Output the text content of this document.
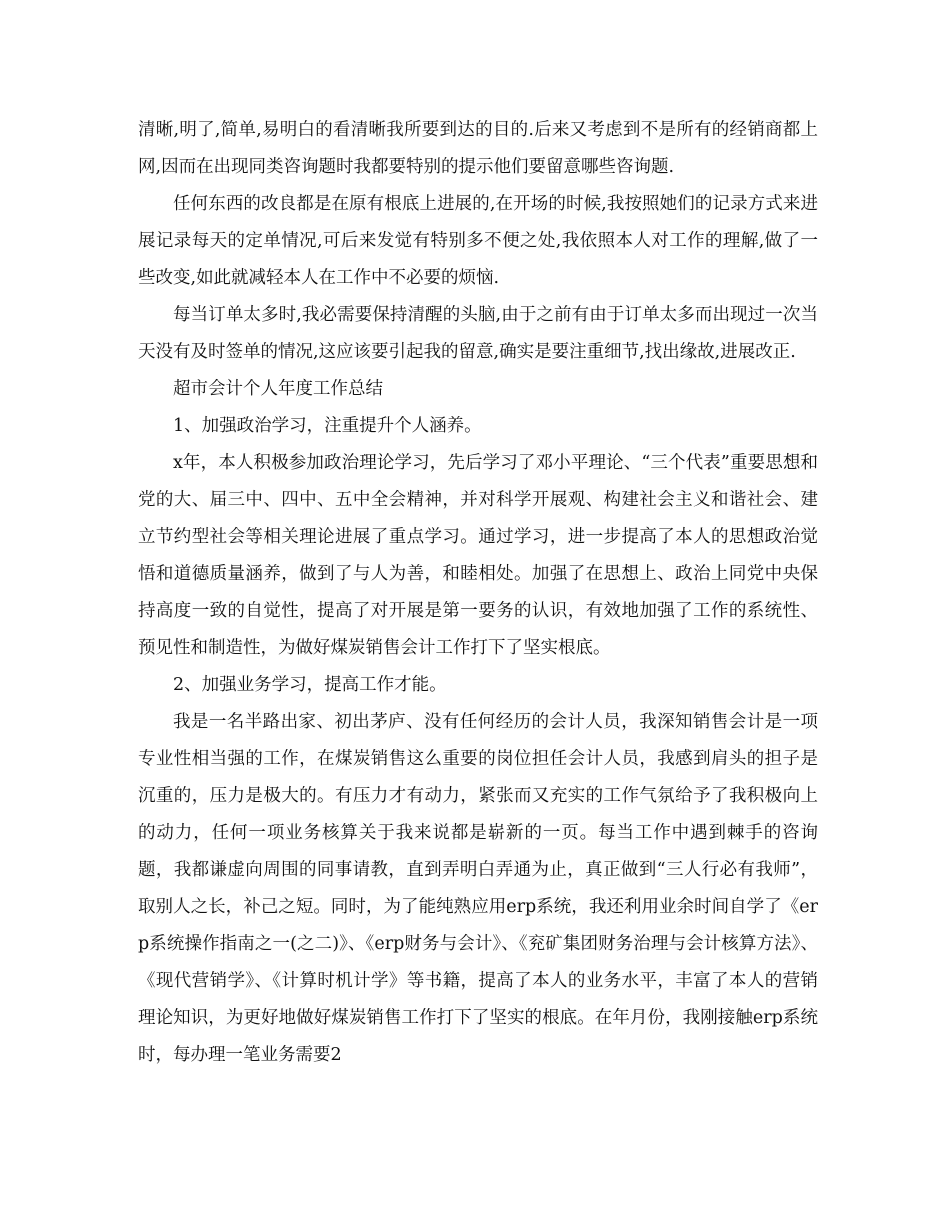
清晰,明了,简单,易明白的看清晰我所要到达的目的.后来又考虑到不是所有的经销商都上网,因而在出现同类咨询题时我都要特别的提示他们要留意哪些咨询题.

任何东西的改良都是在原有根底上进展的,在开场的时候,我按照她们的记录方式来进展记录每天的定单情况,可后来发觉有特别多不便之处,我依照本人对工作的理解,做了一些改变,如此就减轻本人在工作中不必要的烦恼.

每当订单太多时,我必需要保持清醒的头脑,由于之前有由于订单太多而出现过一次当天没有及时签单的情况,这应该要引起我的留意,确实是要注重细节,找出缘故,进展改正.

超市会计个人年度工作总结

1、加强政治学习，注重提升个人涵养。

x年，本人积极参加政治理论学习，先后学习了邓小平理论、“三个代表”重要思想和党的大、届三中、四中、五中全会精神，并对科学开展观、构建社会主义和谐社会、建立节约型社会等相关理论进展了重点学习。通过学习，进一步提高了本人的思想政治觉悟和道德质量涵养，做到了与人为善，和睦相处。加强了在思想上、政治上同党中央保持高度一致的自觉性，提高了对开展是第一要务的认识，有效地加强了工作的系统性、预见性和制造性，为做好煤炭销售会计工作打下了坚实根底。

2、加强业务学习，提高工作才能。

我是一名半路出家、初出茅庐、没有任何经历的会计人员，我深知销售会计是一项专业性相当强的工作，在煤炭销售这么重要的岗位担任会计人员，我感到肩头的担子是沉重的，压力是极大的。有压力才有动力，紧张而又充实的工作气氛给予了我积极向上的动力，任何一项业务核算关于我来说都是崭新的一页。每当工作中遇到棘手的咨询题，我都谦虚向周围的同事请教，直到弄明白弄通为止，真正做到“三人行必有我师”，取别人之长，补己之短。同时，为了能纯熟应用erp系统，我还利用业余时间自学了《erp系统操作指南之一(之二)》、《erp财务与会计》、《兖矿集团财务治理与会计核算方法》、《现代营销学》、《计算时机计学》等书籍，提高了本人的业务水平，丰富了本人的营销理论知识，为更好地做好煤炭销售工作打下了坚实的根底。在年月份，我刚接触erp系统时，每办理一笔业务需要2
